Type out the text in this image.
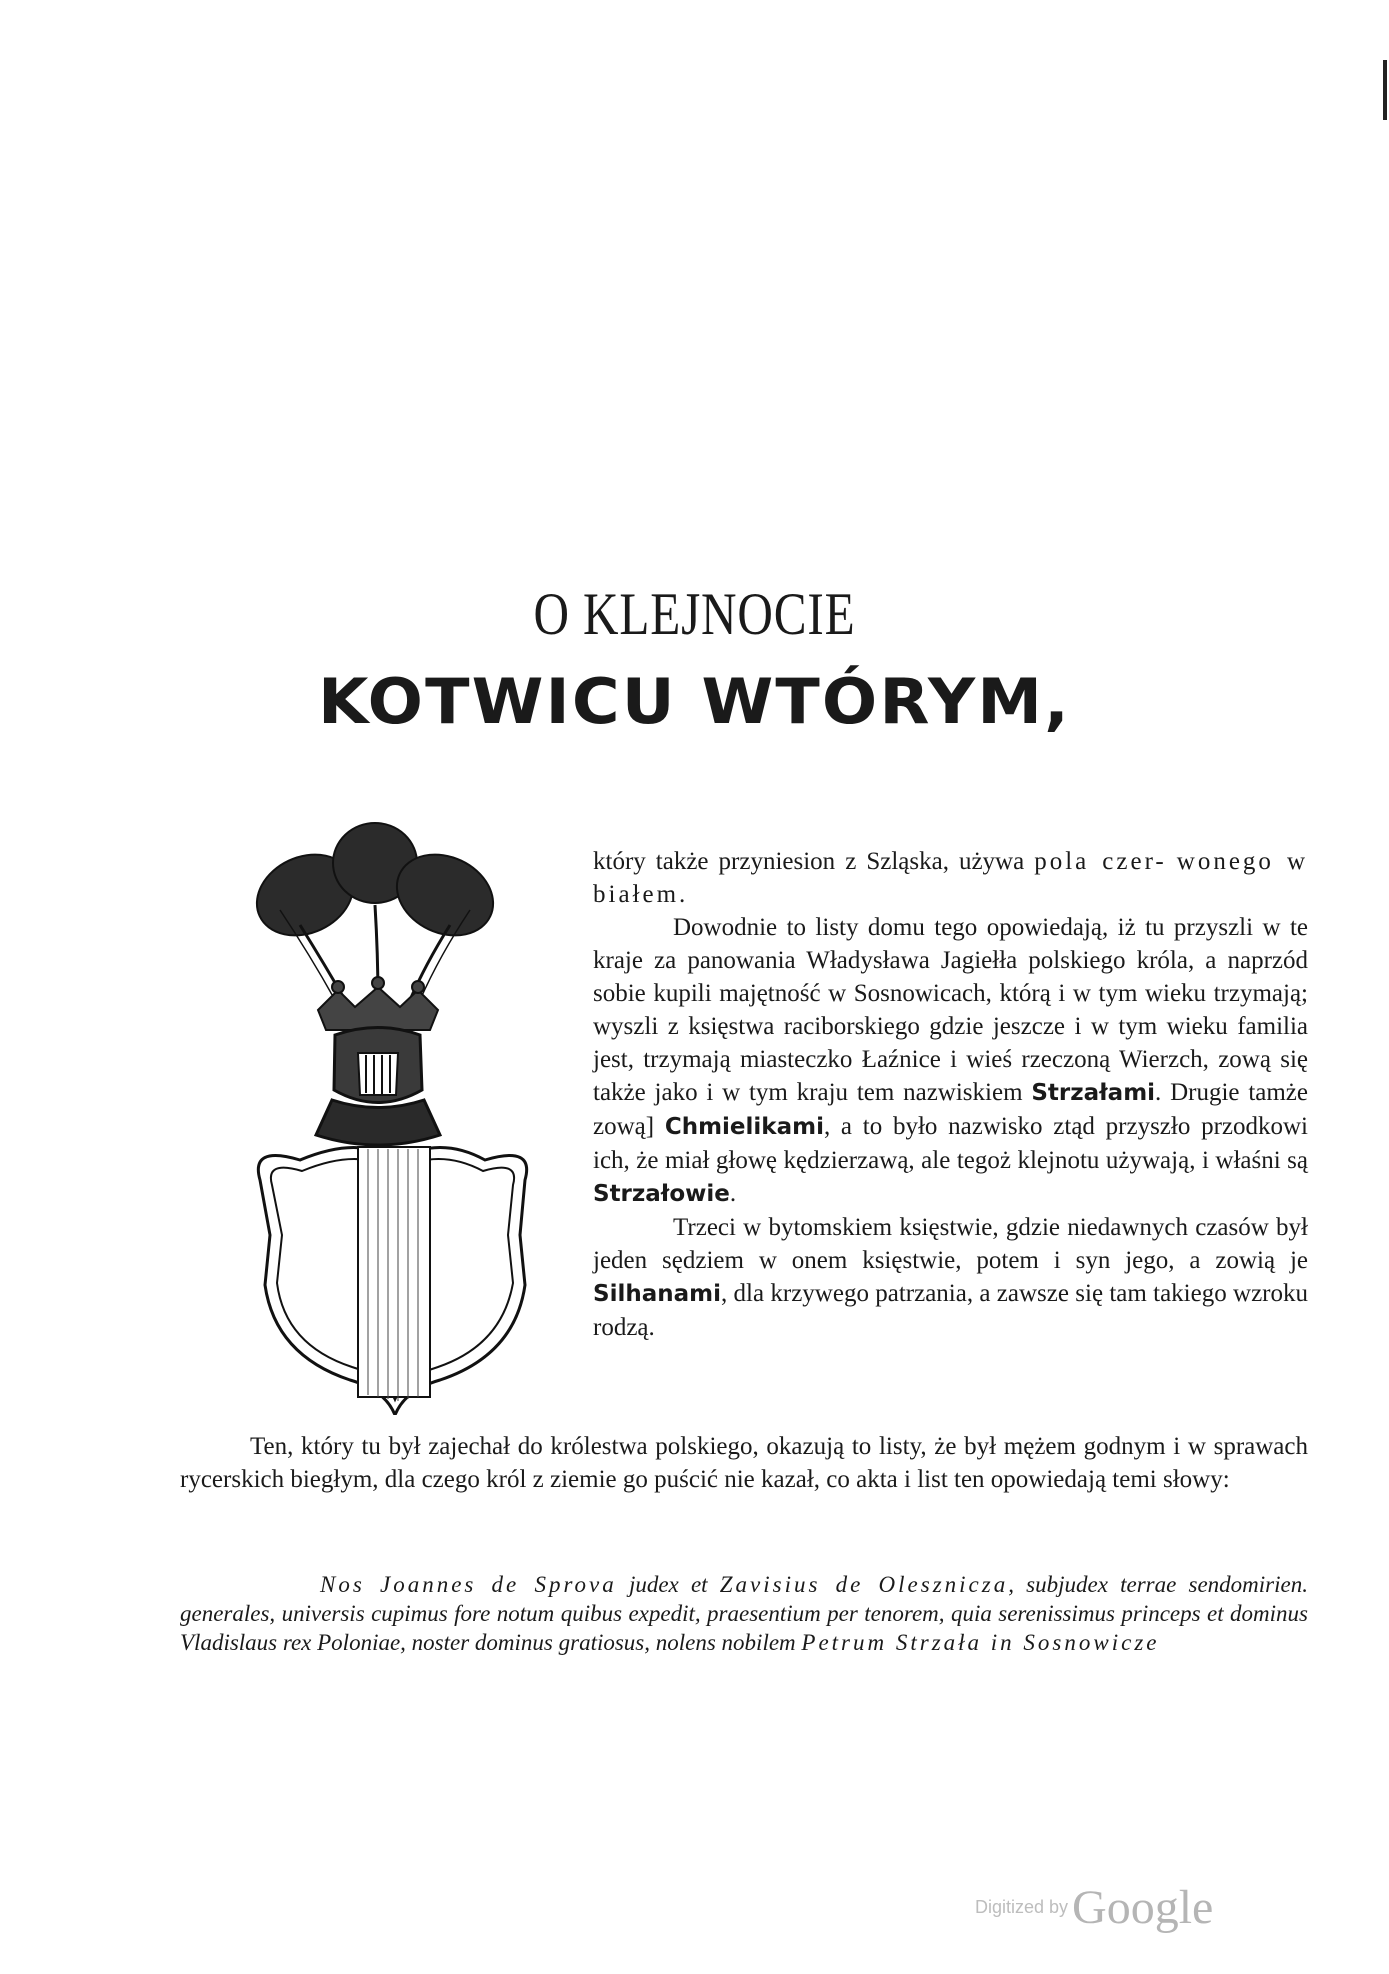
O KLEJNOCIE
KOTWICU WTÓRYM,

który także przyniesion z Szląska, używa pola czer- wonego w białem.

Dowodnie to listy domu tego opowiedają, iż tu przyszli w te kraje za panowania Władysława Jagiełła polskiego króla, a naprzód sobie kupili majętność w Sosnowicach, którą i w tym wieku trzymają; wyszli z księstwa raciborskiego gdzie jeszcze i w tym wieku familia jest, trzymają miasteczko Łaźnice i wieś rzeczoną Wierzch, zową się także jako i w tym kraju tem nazwiskiem Strzałami. Drugie tamże zową] Chmielikami, a to było nazwisko ztąd przyszło przodkowi ich, że miał głowę kędzierzawą, ale tegoż klejnotu używają, i właśni są Strzałowie.

Trzeci w bytomskiem księstwie, gdzie niedawnych czasów był jeden sędziem w onem księstwie, potem i syn jego, a zowią je Silhanami, dla krzywego patrzania, a zawsze się tam takiego wzroku rodzą.

Ten, który tu był zajechał do królestwa polskiego, okazują to listy, że był mężem godnym i w sprawach rycerskich biegłym, dla czego król z ziemie go puścić nie kazał, co akta i list ten opowiedają temi słowy:

Nos Joannes de Sprova judex et Zavisius de Olesznicza, subjudex terrae sendomirien. generales, universis cupimus fore notum quibus expedit, praesentium per tenorem, quia serenissimus princeps et dominus Vladislaus rex Poloniae, noster dominus gratiosus, nolens nobilem Petrum Strzała in Sosnowicze

Digitized by Google
